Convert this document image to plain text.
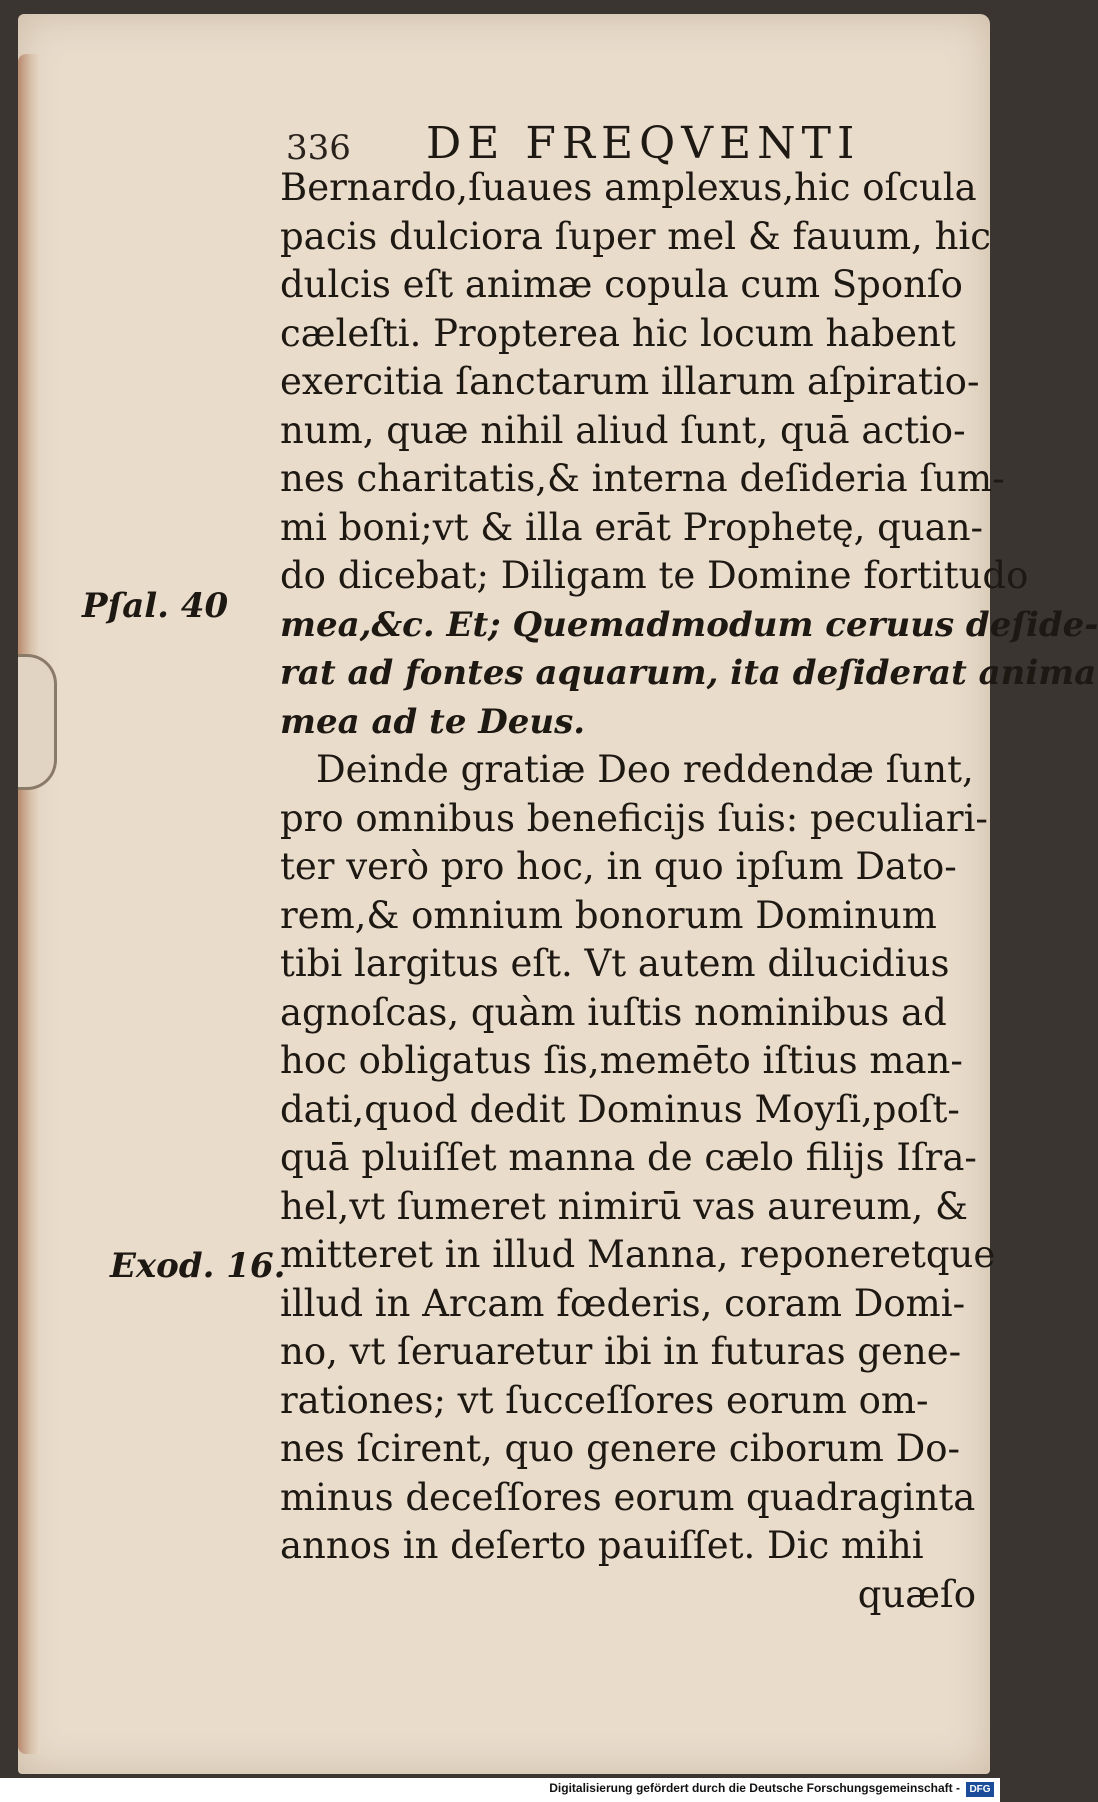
336 DE FREQVENTI
Bernardo,ſuaues amplexus,hic oſcula
pacis dulciora ſuper mel & fauum, hic
dulcis eſt animæ copula cum Sponſo
cæleſti. Propterea hic locum habent
exercitia ſanctarum illarum aſpiratio-
num, quæ nihil aliud ſunt, quā actio-
nes charitatis,& interna deſideria ſum-
mi boni;vt & illa erāt Prophetę, quan-
do dicebat; Diligam te Domine fortitudo
mea,&c. Et; Quemadmodum ceruus deſide-
rat ad fontes aquarum, ita deſiderat anima
mea ad te Deus.
Deinde gratiæ Deo reddendæ ſunt,
pro omnibus beneficijs ſuis: peculiari-
ter verò pro hoc, in quo ipſum Dato-
rem,& omnium bonorum Dominum
tibi largitus eſt. Vt autem dilucidius
agnoſcas, quàm iuſtis nominibus ad
hoc obligatus ſis,memēto iſtius man-
dati,quod dedit Dominus Moyſi,poſt-
quā pluiſſet manna de cælo filijs Iſra-
hel,vt ſumeret nimirū vas aureum, &
mitteret in illud Manna, reponeretque
illud in Arcam fœderis, coram Domi-
no, vt ſeruaretur ibi in futuras gene-
rationes; vt ſucceſſores eorum om-
nes ſcirent, quo genere ciborum Do-
minus deceſſores eorum quadraginta
annos in deſerto pauiſſet. Dic mihi
quæſo
Pſal. 40
Exod. 16.
Digitalisierung gefördert durch die Deutsche Forschungsgemeinschaft - DFG
